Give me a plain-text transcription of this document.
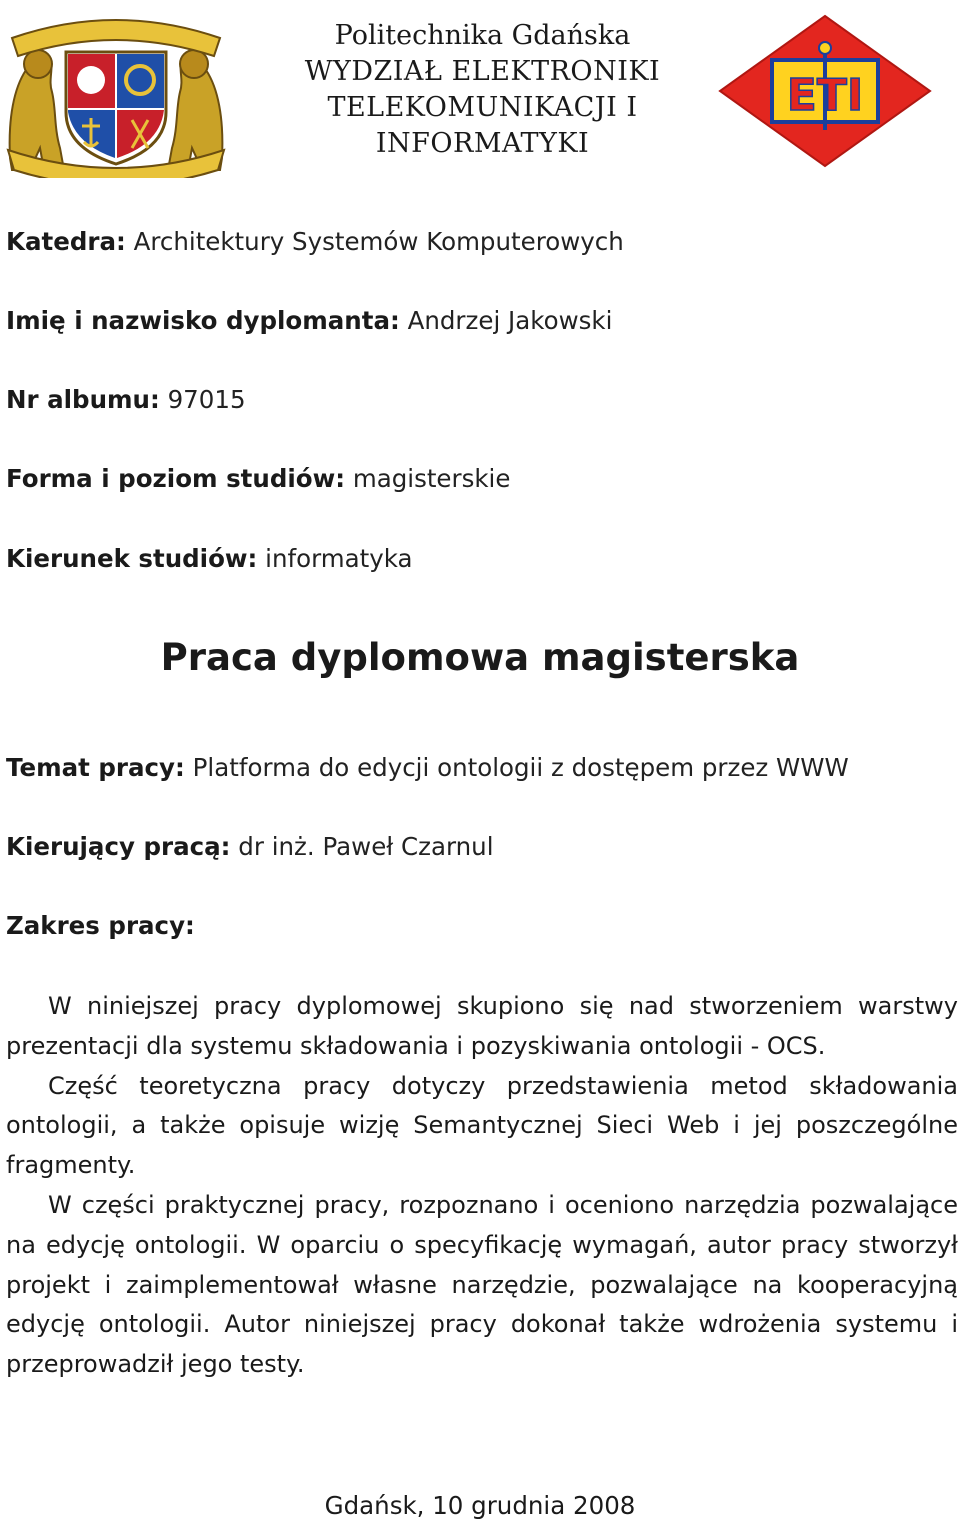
Politechnika Gdańska
WYDZIAŁ ELEKTRONIKI
TELEKOMUNIKACJI I
INFORMATYKI
ETI
Katedra: Architektury Systemów Komputerowych
Imię i nazwisko dyplomanta: Andrzej Jakowski
Nr albumu: 97015
Forma i poziom studiów: magisterskie
Kierunek studiów: informatyka
Praca dyplomowa magisterska
Temat pracy: Platforma do edycji ontologii z dostępem przez WWW
Kierujący pracą: dr inż. Paweł Czarnul
Zakres pracy:

W niniejszej pracy dyplomowej skupiono się nad stworzeniem warstwy prezentacji dla systemu składowania i pozyskiwania ontologii - OCS.

Część teoretyczna pracy dotyczy przedstawienia metod składowania ontologii, a także opisuje wizję Semantycznej Sieci Web i jej poszczególne fragmenty.

W części praktycznej pracy, rozpoznano i oceniono narzędzia pozwalające na edycję ontologii. W oparciu o specyfikację wymagań, autor pracy stworzył projekt i zaimplementował własne narzędzie, pozwalające na kooperacyjną edycję ontologii. Autor niniejszej pracy dokonał także wdrożenia systemu i przeprowadził jego testy.

Gdańsk, 10 grudnia 2008
